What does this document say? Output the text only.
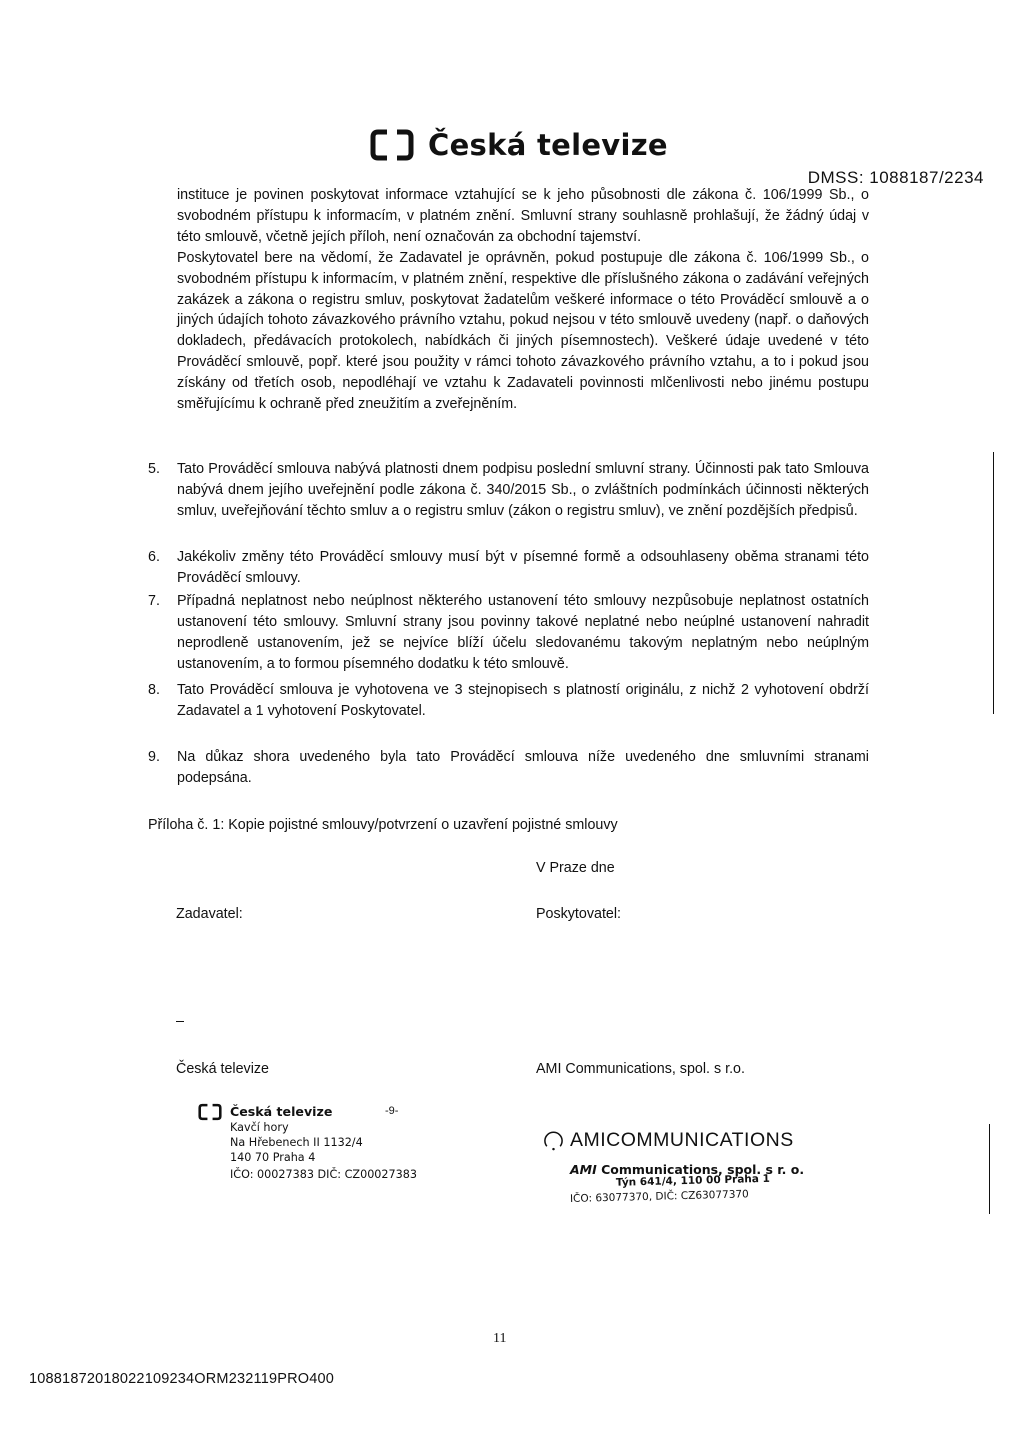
Česká televize
DMSS: 1088187/2234

instituce je povinen poskytovat informace vztahující se k jeho působnosti dle zákona č. 106/1999 Sb., o svobodném přístupu k informacím, v platném znění. Smluvní strany souhlasně prohlašují, že žádný údaj v této smlouvě, včetně jejích příloh, není označován za obchodní tajemství.

Poskytovatel bere na vědomí, že Zadavatel je oprávněn, pokud postupuje dle zákona č. 106/1999 Sb., o svobodném přístupu k informacím, v platném znění, respektive dle příslušného zákona o zadávání veřejných zakázek a zákona o registru smluv, poskytovat žadatelům veškeré informace o této Prováděcí smlouvě a o jiných údajích tohoto závazkového právního vztahu, pokud nejsou v této smlouvě uvedeny (např. o daňových dokladech, předávacích protokolech, nabídkách či jiných písemnostech). Veškeré údaje uvedené v této Prováděcí smlouvě, popř. které jsou použity v rámci tohoto závazkového právního vztahu, a to i pokud jsou získány od třetích osob, nepodléhají ve vztahu k Zadavateli povinnosti mlčenlivosti nebo jinému postupu směřujícímu k ochraně před zneužitím a zveřejněním.

5.	Tato Prováděcí smlouva nabývá platnosti dnem podpisu poslední smluvní strany. Účinnosti pak tato Smlouva nabývá dnem jejího uveřejnění podle zákona č. 340/2015 Sb., o zvláštních podmínkách účinnosti některých smluv, uveřejňování těchto smluv a o registru smluv (zákon o registru smluv), ve znění pozdějších předpisů.
6.	Jakékoliv změny této Prováděcí smlouvy musí být v písemné formě a odsouhlaseny oběma stranami této Prováděcí smlouvy.
7.	Případná neplatnost nebo neúplnost některého ustanovení této smlouvy nezpůsobuje neplatnost ostatních ustanovení této smlouvy. Smluvní strany jsou povinny takové neplatné nebo neúplné ustanovení nahradit neprodleně ustanovením, jež se nejvíce blíží účelu sledovanému takovým neplatným nebo neúplným ustanovením, a to formou písemného dodatku k této smlouvě.
8.	Tato Prováděcí smlouva je vyhotovena ve 3 stejnopisech s platností originálu, z nichž 2 vyhotovení obdrží Zadavatel a 1 vyhotovení Poskytovatel.
9.	Na důkaz shora uvedeného byla tato Prováděcí smlouva níže uvedeného dne smluvními stranami podepsána.
Příloha č. 1: Kopie pojistné smlouvy/potvrzení o uzavření pojistné smlouvy
V Praze dne
Zadavatel:	Poskytovatel:
Česká televize	AMI Communications, spol. s r.o.
Česká televize
Kavčí hory
Na Hřebenech II 1132/4
140 70 Praha 4
IČO: 00027383 DIČ: CZ00027383
-9-
AMICOMMUNICATIONS
AMI Communications, spol. s r. o.
Týn 641/4, 110 00 Praha 1
IČO: 63077370, DIČ: CZ63077370
11
10881872018022109234ORM232119PRO400
